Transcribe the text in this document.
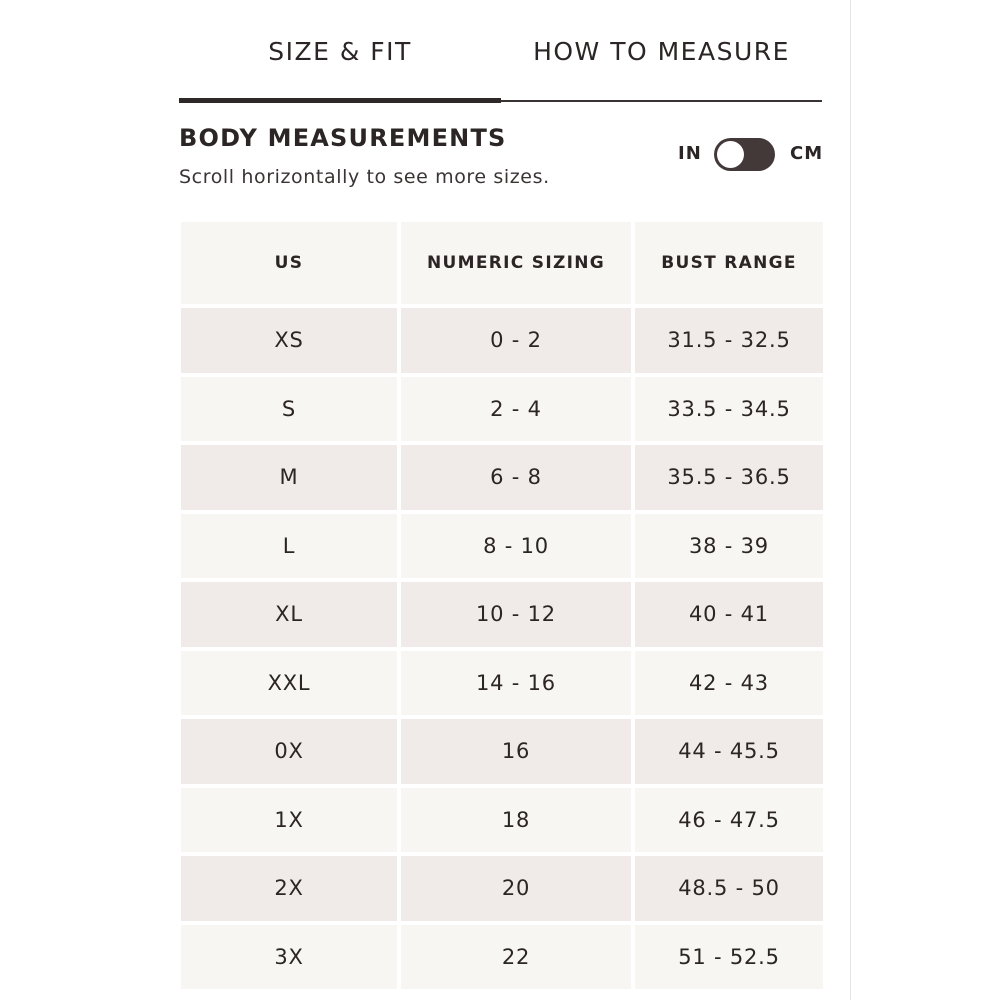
SIZE & FIT	HOW TO MEASURE
BODY MEASUREMENTS
Scroll horizontally to see more sizes.
IN	CM
US	NUMERIC SIZING	BUST RANGE
XS	0 - 2	31.5 - 32.5
S	2 - 4	33.5 - 34.5
M	6 - 8	35.5 - 36.5
L	8 - 10	38 - 39
XL	10 - 12	40 - 41
XXL	14 - 16	42 - 43
0X	16	44 - 45.5
1X	18	46 - 47.5
2X	20	48.5 - 50
3X	22	51 - 52.5
